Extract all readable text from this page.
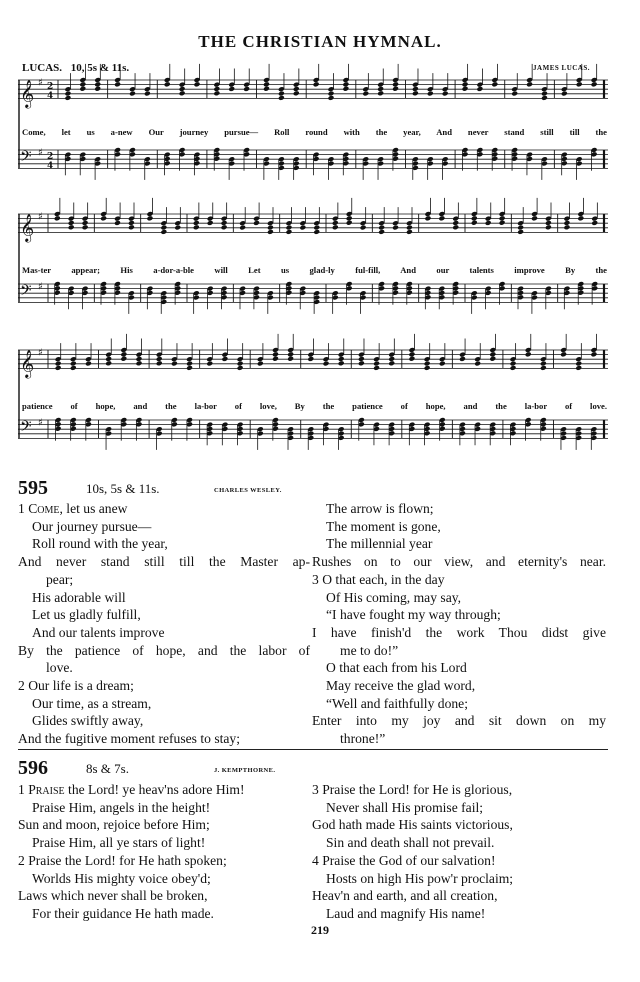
THE CHRISTIAN HYMNAL.
LUCAS. 10, 5s & 11s.	JAMES LUCAS.
𝄞 ♯ 2
4
𝄢 ♯ 2
4
Come, let us a-new Our journey pursue— Roll round with the year, And never stand still till the
𝄞 ♯
𝄢 ♯
Mas-ter appear; His a-dor-a-ble will Let us glad-ly ful-fill, And our talents improve By the
𝄞 ♯
𝄢 ♯
patience of hope, and the la-bor of love, By the patience of hope, and the la-bor of love.
595	10s, 5s & 11s.	CHARLES WESLEY.
1 Come, let us anew
Our journey pursue—
Roll round with the year,
And never stand still till the Master ap-
pear;
His adorable will
Let us gladly fulfill,
And our talents improve
By the patience of hope, and the labor of
love.
2 Our life is a dream;
Our time, as a stream,
Glides swiftly away,
And the fugitive moment refuses to stay;
The arrow is flown;
The moment is gone,
The millennial year
Rushes on to our view, and eternity's near.
3 O that each, in the day
Of His coming, may say,
“I have fought my way through;
I have finish'd the work Thou didst give
me to do!”
O that each from his Lord
May receive the glad word,
“Well and faithfully done;
Enter into my joy and sit down on my
throne!”
596	8s & 7s.	J. KEMPTHORNE.
1 Praise the Lord! ye heav'ns adore Him!
Praise Him, angels in the height!
Sun and moon, rejoice before Him;
Praise Him, all ye stars of light!
2 Praise the Lord! for He hath spoken;
Worlds His mighty voice obey'd;
Laws which never shall be broken,
For their guidance He hath made.
3 Praise the Lord! for He is glorious,
Never shall His promise fail;
God hath made His saints victorious,
Sin and death shall not prevail.
4 Praise the God of our salvation!
Hosts on high His pow'r proclaim;
Heav'n and earth, and all creation,
Laud and magnify His name!
219
